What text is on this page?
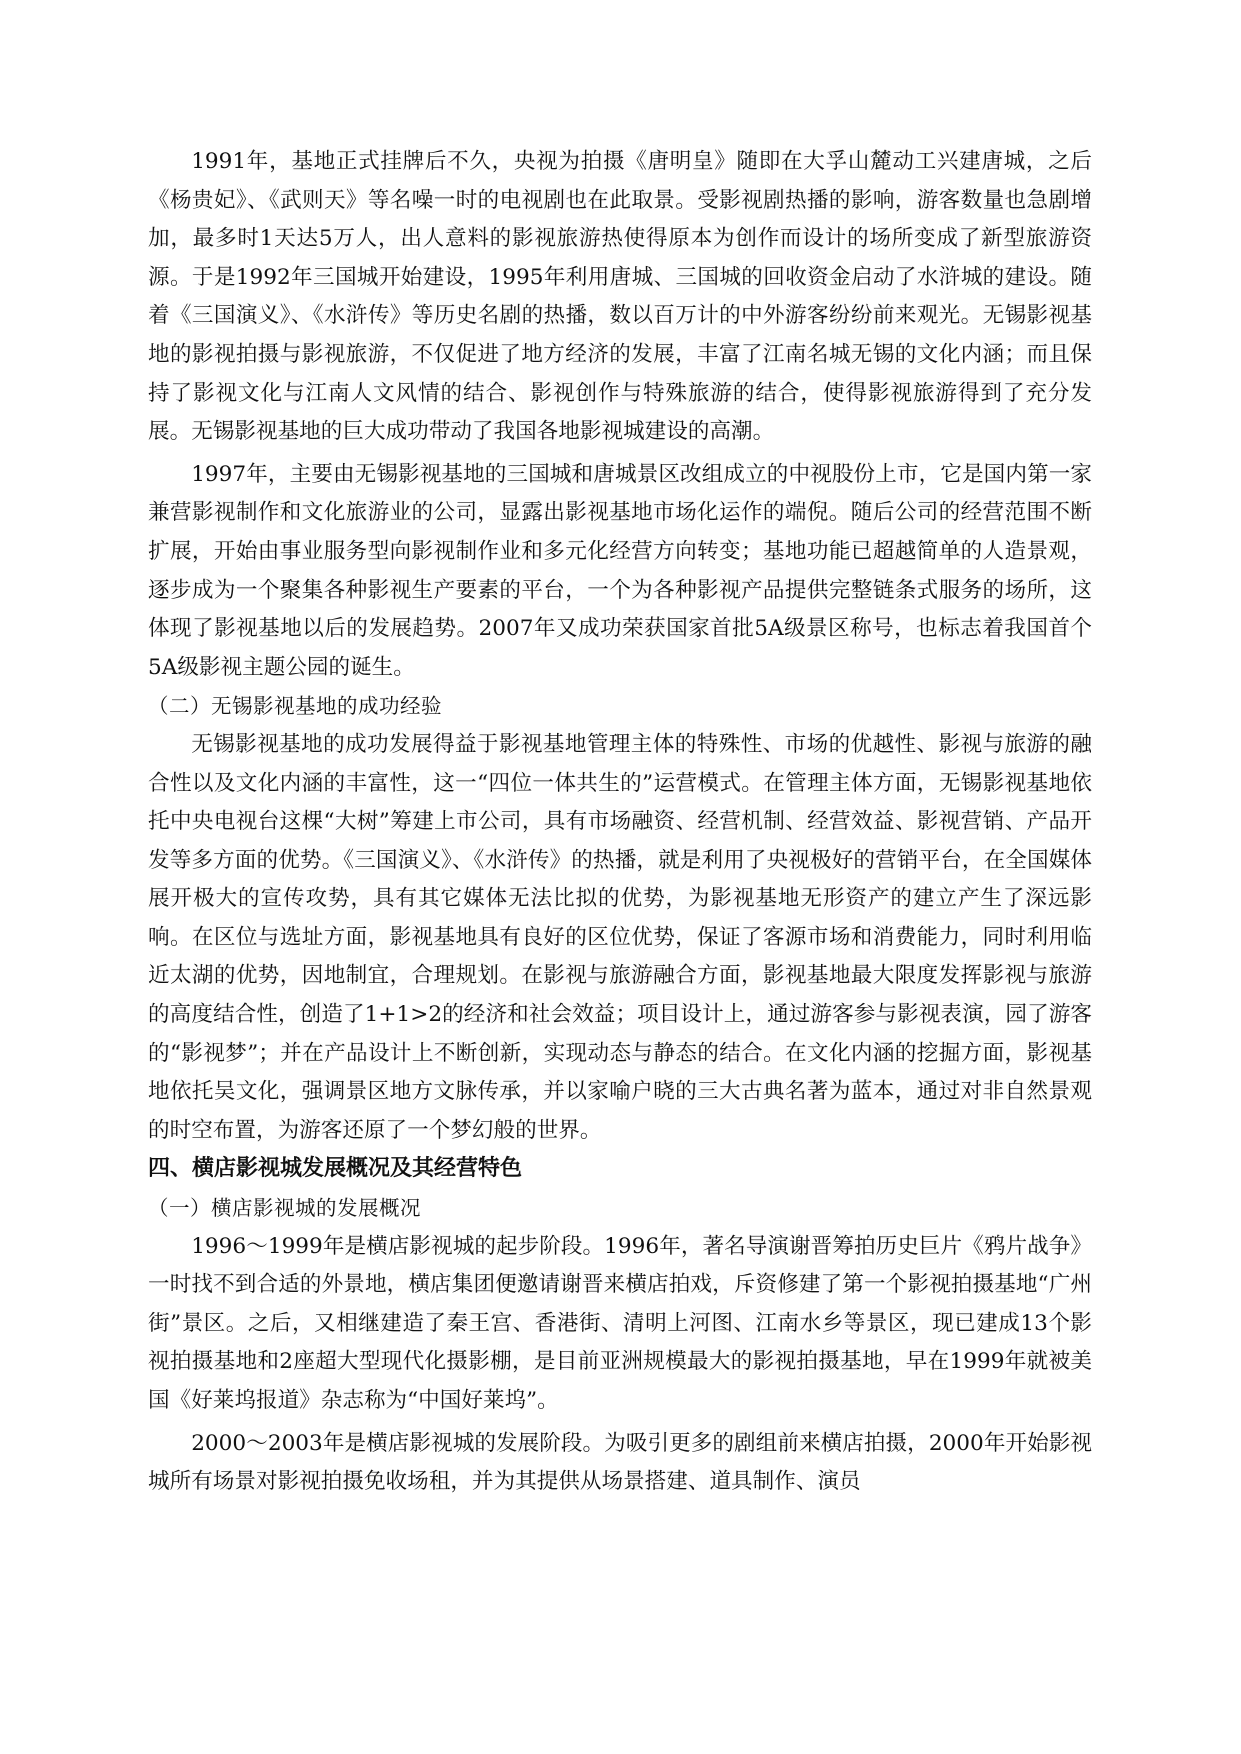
1991年，基地正式挂牌后不久，央视为拍摄《唐明皇》随即在大孚山麓动工兴建唐城，之后《杨贵妃》、《武则天》等名噪一时的电视剧也在此取景。受影视剧热播的影响，游客数量也急剧增加，最多时1天达5万人，出人意料的影视旅游热使得原本为创作而设计的场所变成了新型旅游资源。于是1992年三国城开始建设，1995年利用唐城、三国城的回收资金启动了水浒城的建设。随着《三国演义》、《水浒传》等历史名剧的热播，数以百万计的中外游客纷纷前来观光。无锡影视基地的影视拍摄与影视旅游，不仅促进了地方经济的发展，丰富了江南名城无锡的文化内涵；而且保持了影视文化与江南人文风情的结合、影视创作与特殊旅游的结合，使得影视旅游得到了充分发展。无锡影视基地的巨大成功带动了我国各地影视城建设的高潮。

1997年，主要由无锡影视基地的三国城和唐城景区改组成立的中视股份上市，它是国内第一家兼营影视制作和文化旅游业的公司，显露出影视基地市场化运作的端倪。随后公司的经营范围不断扩展，开始由事业服务型向影视制作业和多元化经营方向转变；基地功能已超越简单的人造景观，逐步成为一个聚集各种影视生产要素的平台，一个为各种影视产品提供完整链条式服务的场所，这体现了影视基地以后的发展趋势。2007年又成功荣获国家首批5A级景区称号，也标志着我国首个5A级影视主题公园的诞生。

（二）无锡影视基地的成功经验

无锡影视基地的成功发展得益于影视基地管理主体的特殊性、市场的优越性、影视与旅游的融合性以及文化内涵的丰富性，这一“四位一体共生的”运营模式。在管理主体方面，无锡影视基地依托中央电视台这棵“大树”筹建上市公司，具有市场融资、经营机制、经营效益、影视营销、产品开发等多方面的优势。《三国演义》、《水浒传》的热播，就是利用了央视极好的营销平台，在全国媒体展开极大的宣传攻势，具有其它媒体无法比拟的优势，为影视基地无形资产的建立产生了深远影响。在区位与选址方面，影视基地具有良好的区位优势，保证了客源市场和消费能力，同时利用临近太湖的优势，因地制宜，合理规划。在影视与旅游融合方面，影视基地最大限度发挥影视与旅游的高度结合性，创造了1+1>2的经济和社会效益；项目设计上，通过游客参与影视表演，园了游客的“影视梦”；并在产品设计上不断创新，实现动态与静态的结合。在文化内涵的挖掘方面，影视基地依托吴文化，强调景区地方文脉传承，并以家喻户晓的三大古典名著为蓝本，通过对非自然景观的时空布置，为游客还原了一个梦幻般的世界。

四、横店影视城发展概况及其经营特色

（一）横店影视城的发展概况

1996～1999年是横店影视城的起步阶段。1996年，著名导演谢晋筹拍历史巨片《鸦片战争》一时找不到合适的外景地，横店集团便邀请谢晋来横店拍戏，斥资修建了第一个影视拍摄基地“广州街”景区。之后，又相继建造了秦王宫、香港街、清明上河图、江南水乡等景区，现已建成13个影视拍摄基地和2座超大型现代化摄影棚，是目前亚洲规模最大的影视拍摄基地，早在1999年就被美国《好莱坞报道》杂志称为“中国好莱坞”。

2000～2003年是横店影视城的发展阶段。为吸引更多的剧组前来横店拍摄，2000年开始影视城所有场景对影视拍摄免收场租，并为其提供从场景搭建、道具制作、演员
